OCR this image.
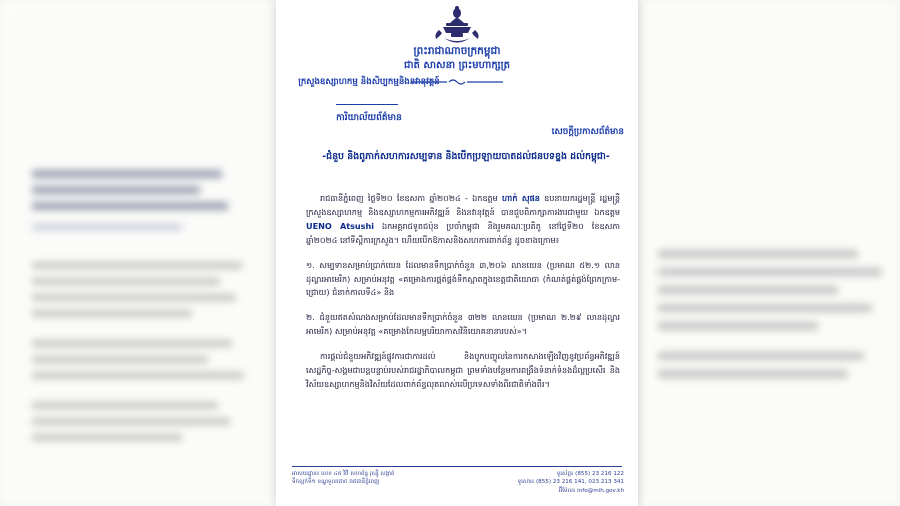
ព្រះរាជាណាចក្រកម្ពុជា
ជាតិ សាសនា ព្រះមហាក្សត្រ
ក្រសួងឧស្សាហកម្ម និងសិប្បកម្មនិងនវានុវត្តន៍
ការិយាល័យព័ត៌មាន
សេចក្តីប្រកាសព័ត៌មាន
-ជំនួប និងពូភាក់សហការសម្បទាន និងបើកប្រឡាយបាតដល់ជនបទខ្នង ដល់កម្ពុជា-

រាជធានីភ្នំពេញ ថ្ងៃទី២០ ខែឧសភា ឆ្នាំ២០២៤ - ឯកឧត្តម ហាក់ សុផន ឧបនាយករដ្ឋមន្ត្រី រដ្ឋមន្ត្រីក្រសួងឧស្សាហកម្ម និងឧស្សាហកម្មការអភិវឌ្ឍន៍ និងនវានុវត្តន៍ បានជួបពិភាក្សាការងារជាមួយ ឯកឧត្តម UENO Atsushi ឯកអគ្គរាជទូតជប៉ុន ប្រចាំកម្ពុជា និងរួមគណៈប្រតិភូ នៅថ្ងៃទី២០ ខែឧសភា ឆ្នាំ២០២៤ នៅទីស្តីការក្រសួង។ ហើយបើកឱកាសនិងសហការពាក់ព័ន្ធ ដូចខាងក្រោម៖

១. សម្បទានសម្រាប់ប្រាក់យេន ដែលមានទឹកប្រាក់ចំនួន ៣,២០៦ លានយេន (ប្រមាណ ៥២.១ លានដុល្លារអាមេរិក) សម្រាប់អនុវត្ត «គម្រោងការផ្គត់ផ្គង់ទឹកស្អាតក្នុងខេត្តជាតិយោធា (កំណត់ផ្គត់ផ្គង់ព្រែកក្រាម-ជ្រោយ) ជំនាក់កាលទី៤» និង

២. ជំនួយឥតសំណងសម្រាប់ដែលមានទឹកប្រាក់ចំនួន ៣២២ លានយេន (ប្រមាណ ២.២៩ លានដុល្លារអាមេរិក) សម្រាប់អនុវត្ត «គម្រោងកែលម្អបរិយាកាសវិនិយោគនានារបស់»។

ការផ្តល់ជំនួយអភិវឌ្ឍន៍ផ្លូវការជាការដល់ និងបូកបញ្ចូលនៃការកសាងឡើងវិញនូវប្រព័ន្ធអភិវឌ្ឍន៍ សេដ្ឋកិច្ច-សង្គមជាបន្តបន្ទាប់របស់រាជរដ្ឋាភិបាលកម្ពុជា ព្រមទាំងបន្ថែមការពង្រឹងទំនាក់ទំនងដ៏ល្អប្រសើរ និងវិស័យឧស្សាហកម្មនិងវិស័យដែលពាក់ព័ន្ធលុតលាស់លើប្រទេសទាំងពីរជាតិទាំងពីរ។

អាសយដ្ឋាន៖ លេខ ៤៥ វិថី សហព័ន្ធ រុស្ស៊ី សង្កាត់
ទឹកល្អក់ទី១ ខណ្ឌទួលគោក រាជធានីភ្នំពេញ
ទូរស័ព្ទ៖ (855) 23 216 122
ទូរសារ៖ (855) 23 216 141, 023 213 341
អ៊ីម៉ែល៖ info@mih.gov.kh
